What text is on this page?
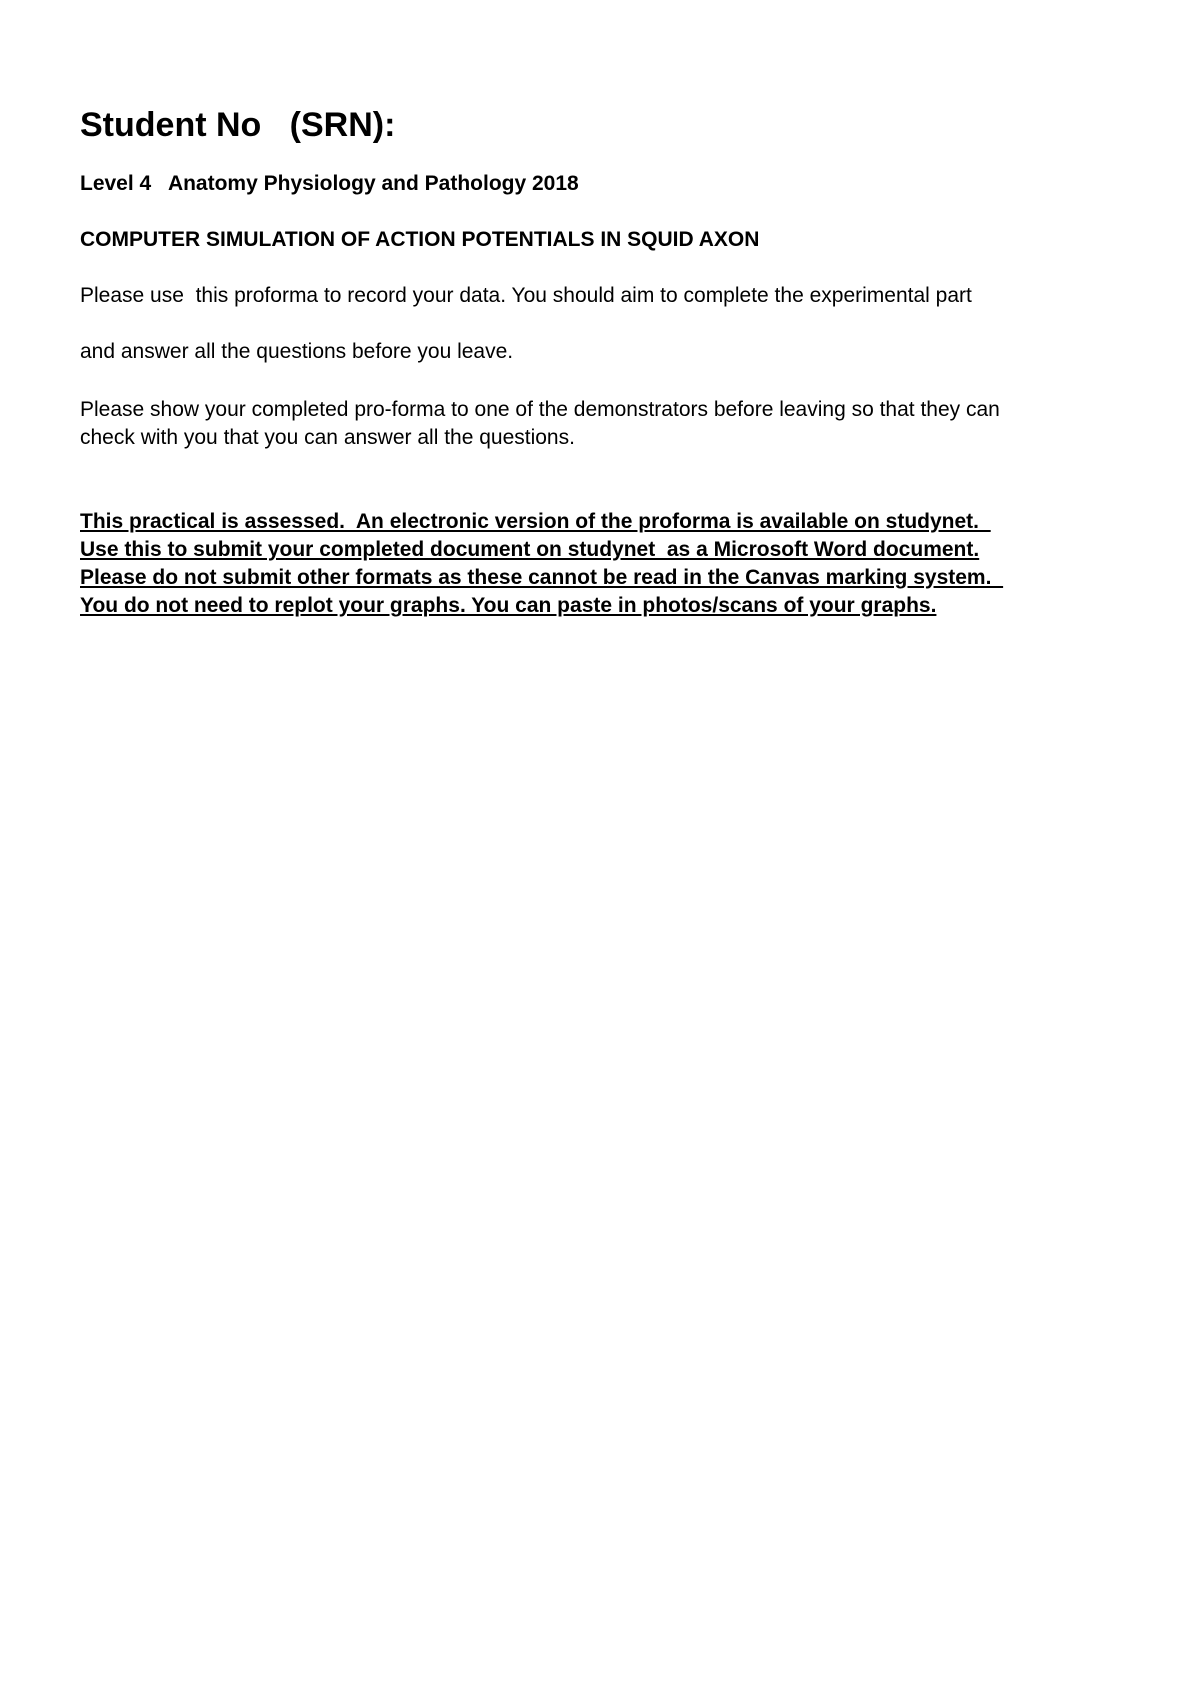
Student No   (SRN):

Level 4   Anatomy Physiology and Pathology 2018

COMPUTER SIMULATION OF ACTION POTENTIALS IN SQUID AXON

Please use  this proforma to record your data. You should aim to complete the experimental part

and answer all the questions before you leave.

Please show your completed pro-forma to one of the demonstrators before leaving so that they can
check with you that you can answer all the questions.

This practical is assessed.  An electronic version of the proforma is available on studynet.
Use this to submit your completed document on studynet  as a Microsoft Word document.
Please do not submit other formats as these cannot be read in the Canvas marking system.
You do not need to replot your graphs. You can paste in photos/scans of your graphs.
